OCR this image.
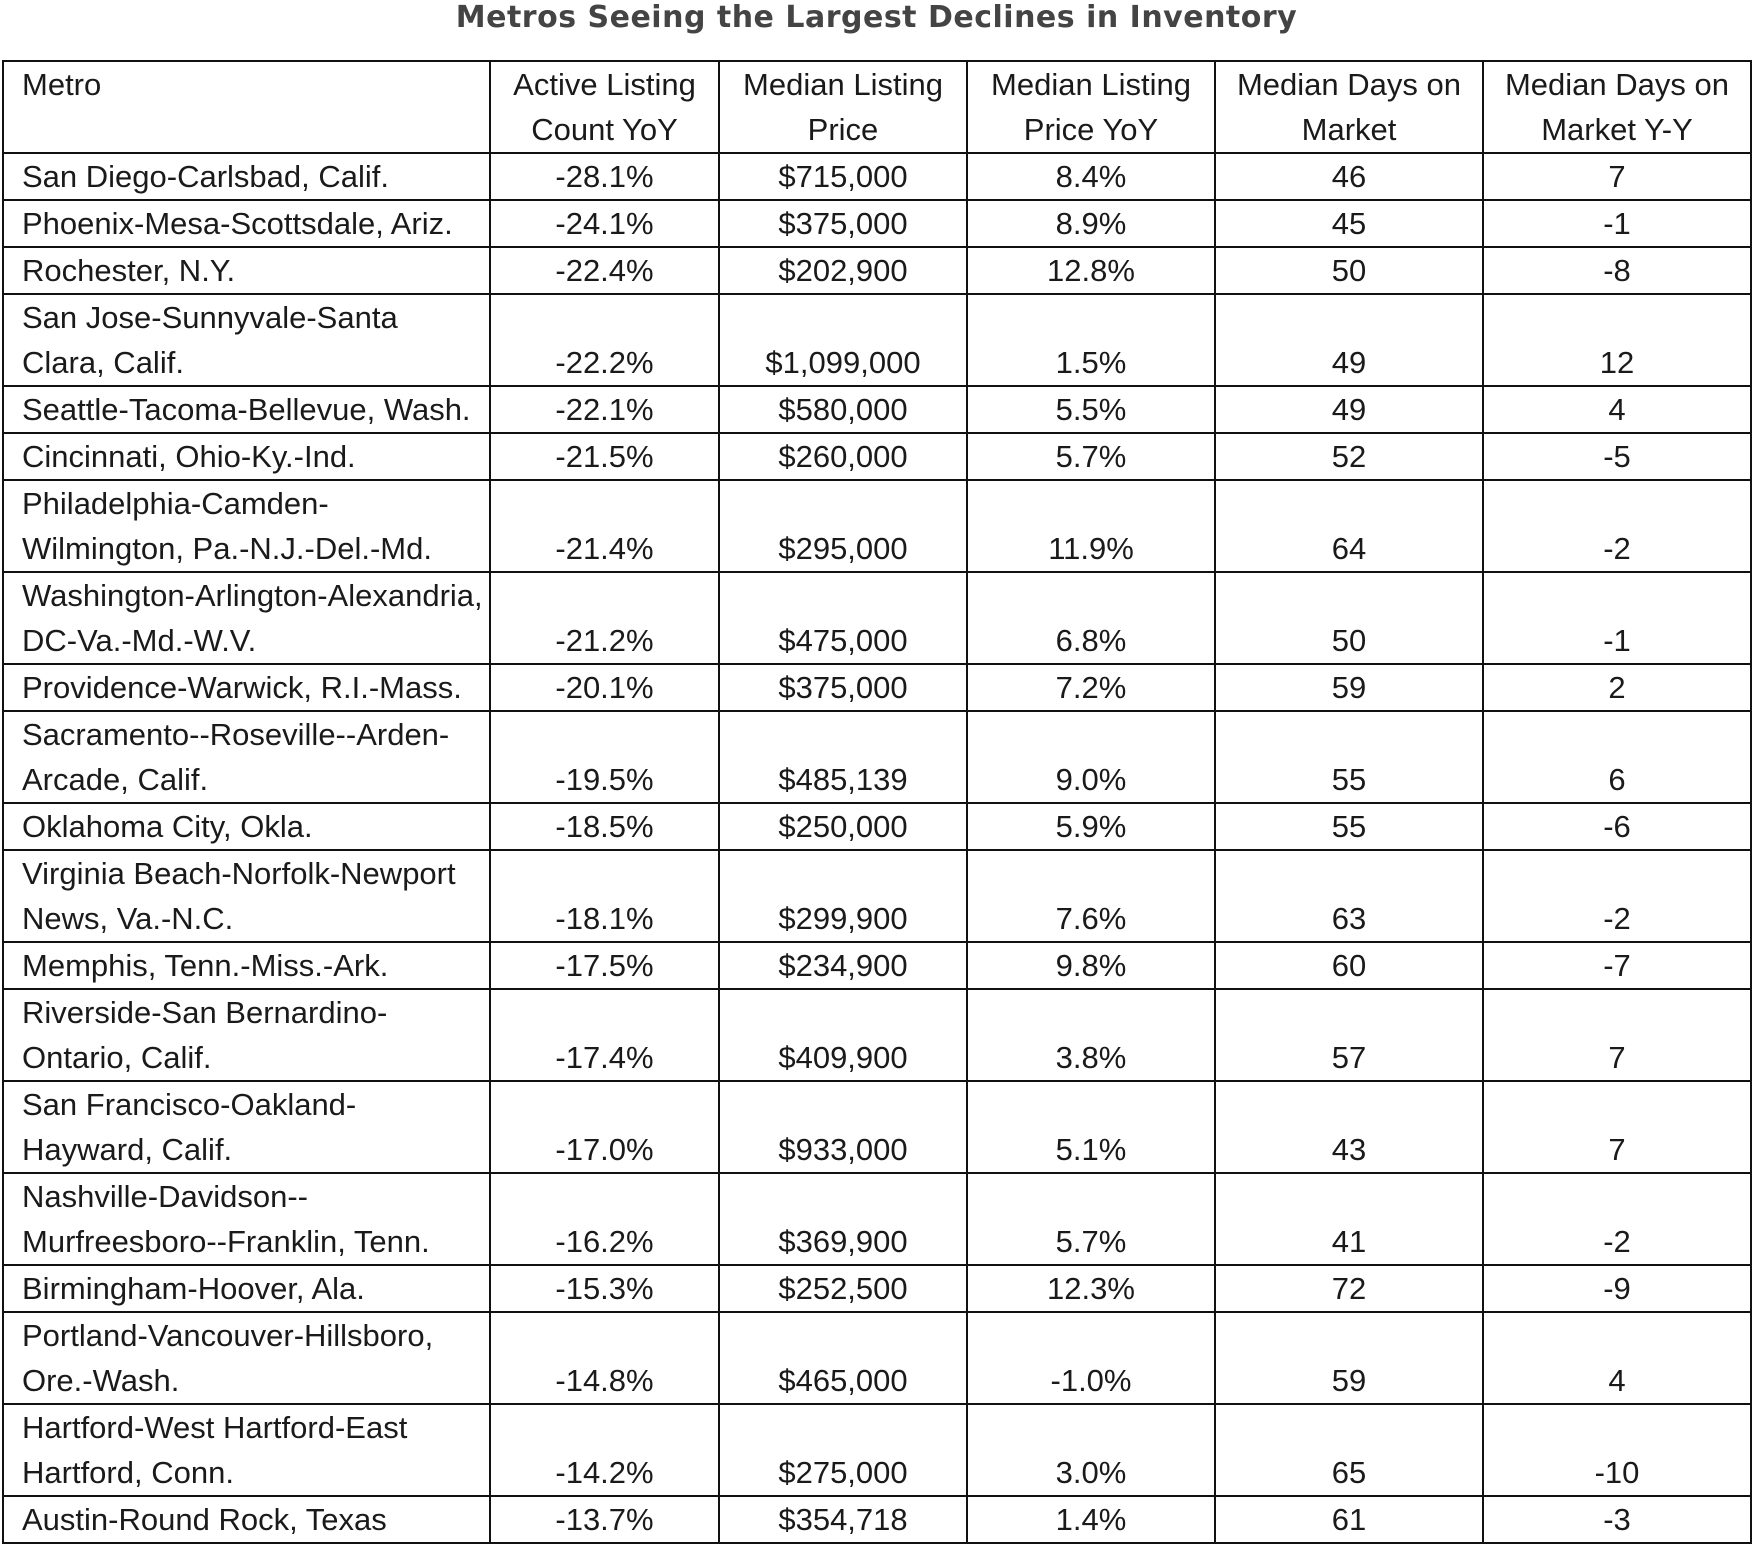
Metros Seeing the Largest Declines in Inventory
Metro	Active Listing Count YoY	Median Listing Price	Median Listing Price YoY	Median Days on Market	Median Days on Market Y-Y
San Diego-Carlsbad, Calif.	-28.1%	$715,000	8.4%	46	7
Phoenix-Mesa-Scottsdale, Ariz.	-24.1%	$375,000	8.9%	45	-1
Rochester, N.Y.	-22.4%	$202,900	12.8%	50	-8
San Jose-Sunnyvale-Santa Clara, Calif.	-22.2%	$1,099,000	1.5%	49	12
Seattle-Tacoma-Bellevue, Wash.	-22.1%	$580,000	5.5%	49	4
Cincinnati, Ohio-Ky.-Ind.	-21.5%	$260,000	5.7%	52	-5
Philadelphia-Camden-Wilmington, Pa.-N.J.-Del.-Md.	-21.4%	$295,000	11.9%	64	-2
Washington-Arlington-Alexandria, DC-Va.-Md.-W.V.	-21.2%	$475,000	6.8%	50	-1
Providence-Warwick, R.I.-Mass.	-20.1%	$375,000	7.2%	59	2
Sacramento--Roseville--Arden-Arcade, Calif.	-19.5%	$485,139	9.0%	55	6
Oklahoma City, Okla.	-18.5%	$250,000	5.9%	55	-6
Virginia Beach-Norfolk-Newport News, Va.-N.C.	-18.1%	$299,900	7.6%	63	-2
Memphis, Tenn.-Miss.-Ark.	-17.5%	$234,900	9.8%	60	-7
Riverside-San Bernardino-Ontario, Calif.	-17.4%	$409,900	3.8%	57	7
San Francisco-Oakland-Hayward, Calif.	-17.0%	$933,000	5.1%	43	7
Nashville-Davidson--Murfreesboro--Franklin, Tenn.	-16.2%	$369,900	5.7%	41	-2
Birmingham-Hoover, Ala.	-15.3%	$252,500	12.3%	72	-9
Portland-Vancouver-Hillsboro, Ore.-Wash.	-14.8%	$465,000	-1.0%	59	4
Hartford-West Hartford-East Hartford, Conn.	-14.2%	$275,000	3.0%	65	-10
Austin-Round Rock, Texas	-13.7%	$354,718	1.4%	61	-3
